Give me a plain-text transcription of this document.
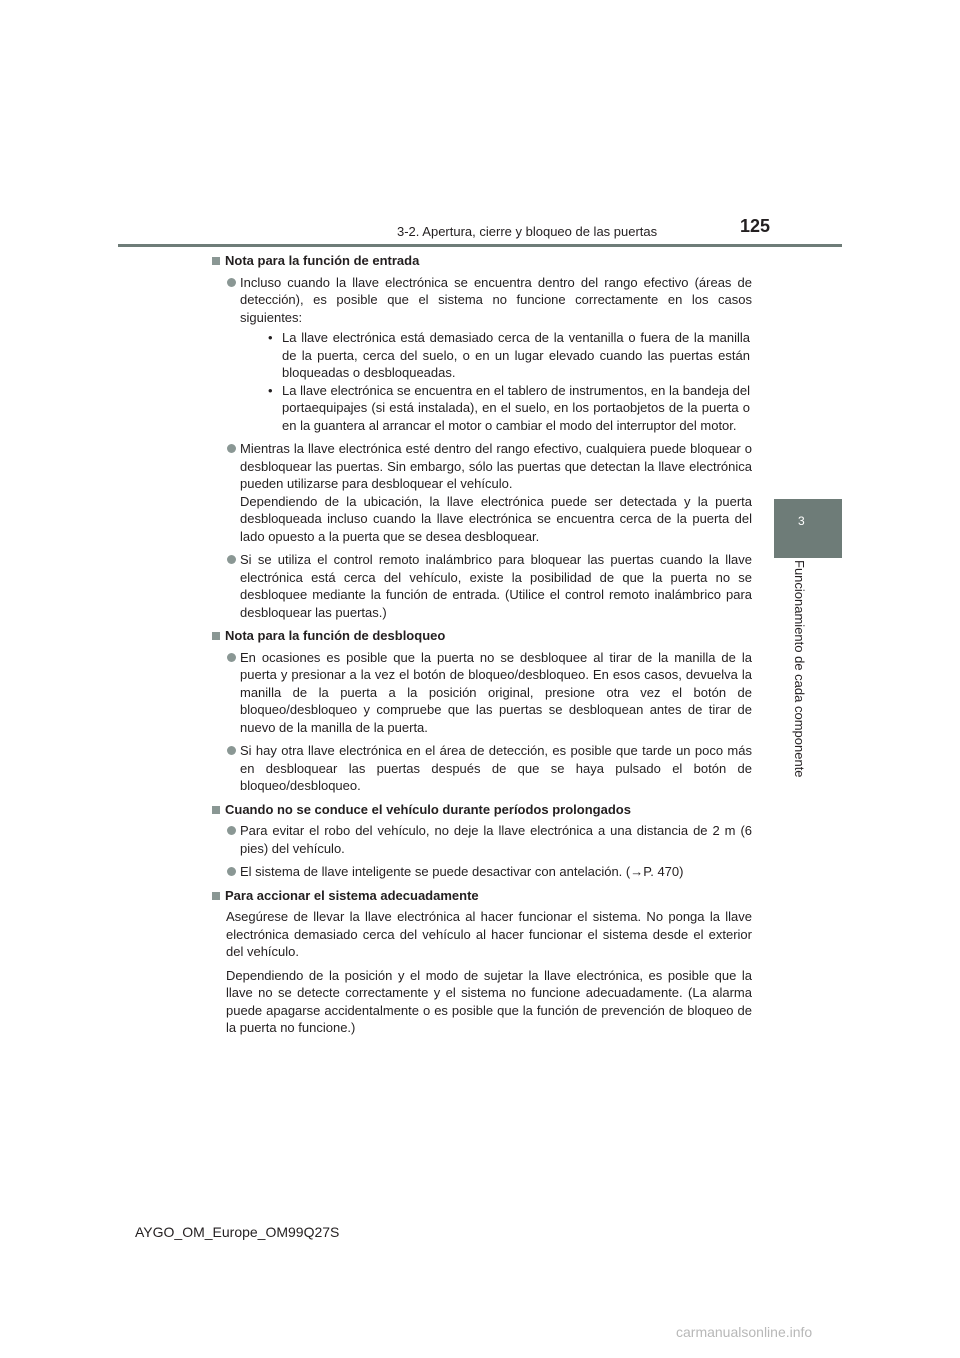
3-2. Apertura, cierre y bloqueo de las puertas	125
3
Funcionamiento de cada componente
Nota para la función de entrada
Incluso cuando la llave electrónica se encuentra dentro del rango efectivo (áreas de detección), es posible que el sistema no funcione correctamente en los casos siguientes:
• La llave electrónica está demasiado cerca de la ventanilla o fuera de la manilla de la puerta, cerca del suelo, o en un lugar elevado cuando las puertas están bloqueadas o desbloqueadas.
• La llave electrónica se encuentra en el tablero de instrumentos, en la bandeja del portaequipajes (si está instalada), en el suelo, en los portaobjetos de la puerta o en la guantera al arrancar el motor o cambiar el modo del interruptor del motor.
Mientras la llave electrónica esté dentro del rango efectivo, cualquiera puede bloquear o desbloquear las puertas. Sin embargo, sólo las puertas que detectan la llave electrónica pueden utilizarse para desbloquear el vehículo.
Dependiendo de la ubicación, la llave electrónica puede ser detectada y la puerta desbloqueada incluso cuando la llave electrónica se encuentra cerca de la puerta del lado opuesto a la puerta que se desea desbloquear.
Si se utiliza el control remoto inalámbrico para bloquear las puertas cuando la llave electrónica está cerca del vehículo, existe la posibilidad de que la puerta no se desbloquee mediante la función de entrada. (Utilice el control remoto inalámbrico para desbloquear las puertas.)
Nota para la función de desbloqueo
En ocasiones es posible que la puerta no se desbloquee al tirar de la manilla de la puerta y presionar a la vez el botón de bloqueo/desbloqueo. En esos casos, devuelva la manilla de la puerta a la posición original, presione otra vez el botón de bloqueo/desbloqueo y compruebe que las puertas se desbloquean antes de tirar de nuevo de la manilla de la puerta.
Si hay otra llave electrónica en el área de detección, es posible que tarde un poco más en desbloquear las puertas después de que se haya pulsado el botón de bloqueo/desbloqueo.
Cuando no se conduce el vehículo durante períodos prolongados
Para evitar el robo del vehículo, no deje la llave electrónica a una distancia de 2 m (6 pies) del vehículo.
El sistema de llave inteligente se puede desactivar con antelación. (→P. 470)
Para accionar el sistema adecuadamente
Asegúrese de llevar la llave electrónica al hacer funcionar el sistema. No ponga la llave electrónica demasiado cerca del vehículo al hacer funcionar el sistema desde el exterior del vehículo.
Dependiendo de la posición y el modo de sujetar la llave electrónica, es posible que la llave no se detecte correctamente y el sistema no funcione adecuadamente. (La alarma puede apagarse accidentalmente o es posible que la función de prevención de bloqueo de la puerta no funcione.)
AYGO_OM_Europe_OM99Q27S
carmanualsonline.info
